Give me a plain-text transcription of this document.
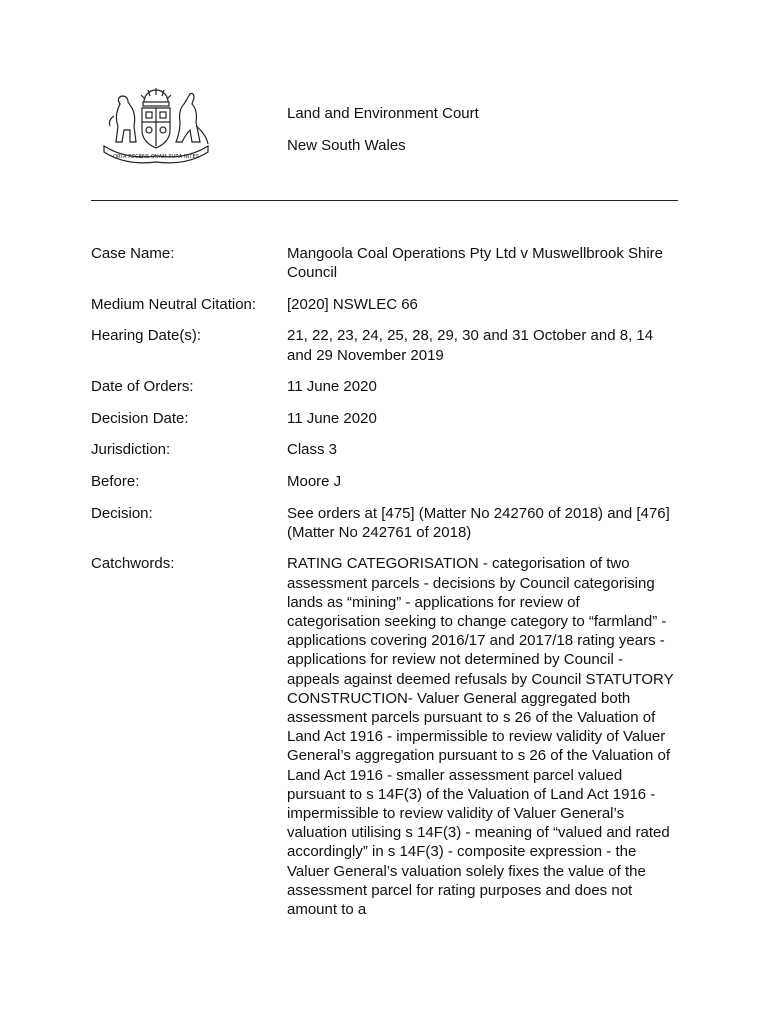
ORTA RECENS QUAM PURA NITES
Land and Environment Court
New South Wales
Case Name:	Mangoola Coal Operations Pty Ltd v Muswellbrook Shire Council
Medium Neutral Citation:	[2020] NSWLEC 66
Hearing Date(s):	21, 22, 23, 24, 25, 28, 29, 30 and 31 October and 8, 14 and 29 November 2019
Date of Orders:	11 June 2020
Decision Date:	11 June 2020
Jurisdiction:	Class 3
Before:	Moore J
Decision:	See orders at [475] (Matter No 242760 of 2018) and [476] (Matter No 242761 of 2018)
Catchwords:	RATING CATEGORISATION - categorisation of two assessment parcels - decisions by Council categorising lands as “mining” - applications for review of categorisation seeking to change category to “farmland” - applications covering 2016/17 and 2017/18 rating years - applications for review not determined by Council - appeals against deemed refusals by Council STATUTORY CONSTRUCTION- Valuer General aggregated both assessment parcels pursuant to s 26 of the Valuation of Land Act 1916 - impermissible to review validity of Valuer General’s aggregation pursuant to s 26 of the Valuation of Land Act 1916 - smaller assessment parcel valued pursuant to s 14F(3) of the Valuation of Land Act 1916 - impermissible to review validity of Valuer General’s valuation utilising s 14F(3) - meaning of “valued and rated accordingly” in s 14F(3) - composite expression - the Valuer General’s valuation solely fixes the value of the assessment parcel for rating purposes and does not amount to a
